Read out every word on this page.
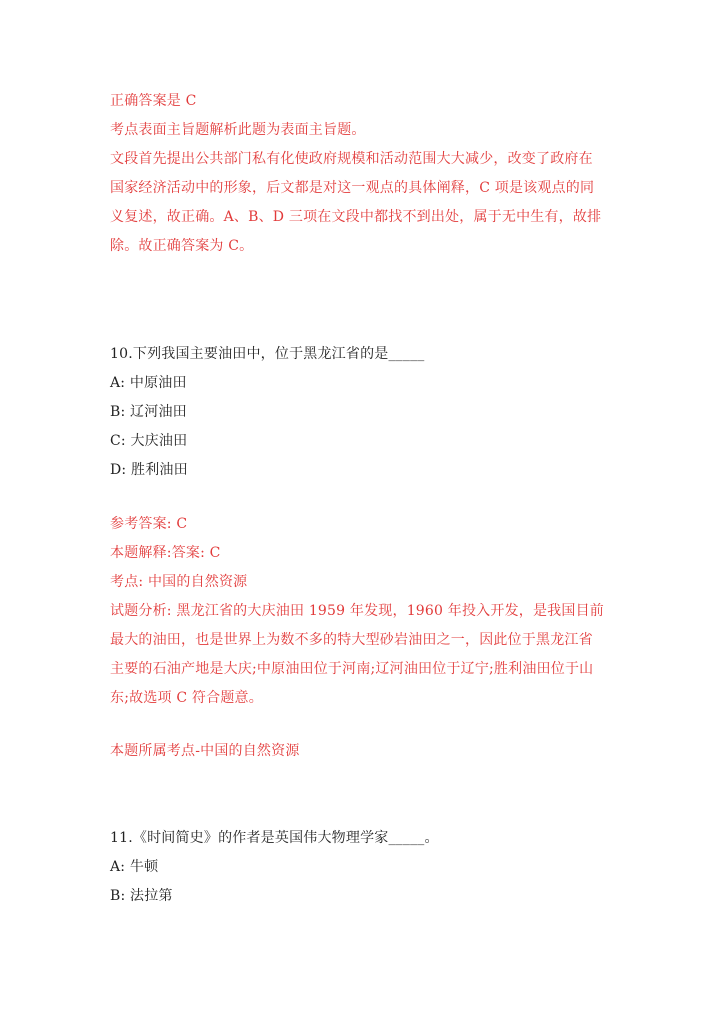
正确答案是 C
考点表面主旨题解析此题为表面主旨题。
文段首先提出公共部门私有化使政府规模和活动范围大大减少，改变了政府在
国家经济活动中的形象，后文都是对这一观点的具体阐释，C 项是该观点的同
义复述，故正确。A、B、D 三项在文段中都找不到出处，属于无中生有，故排
除。故正确答案为 C。
10.下列我国主要油田中，位于黑龙江省的是_____
A: 中原油田
B: 辽河油田
C: 大庆油田
D: 胜利油田
参考答案: C
本题解释:答案: C
考点: 中国的自然资源
试题分析: 黑龙江省的大庆油田 1959 年发现，1960 年投入开发，是我国目前
最大的油田，也是世界上为数不多的特大型砂岩油田之一，因此位于黑龙江省
主要的石油产地是大庆;中原油田位于河南;辽河油田位于辽宁;胜利油田位于山
东;故选项 C 符合题意。
本题所属考点-中国的自然资源
11.《时间简史》的作者是英国伟大物理学家_____。
A: 牛顿
B: 法拉第
